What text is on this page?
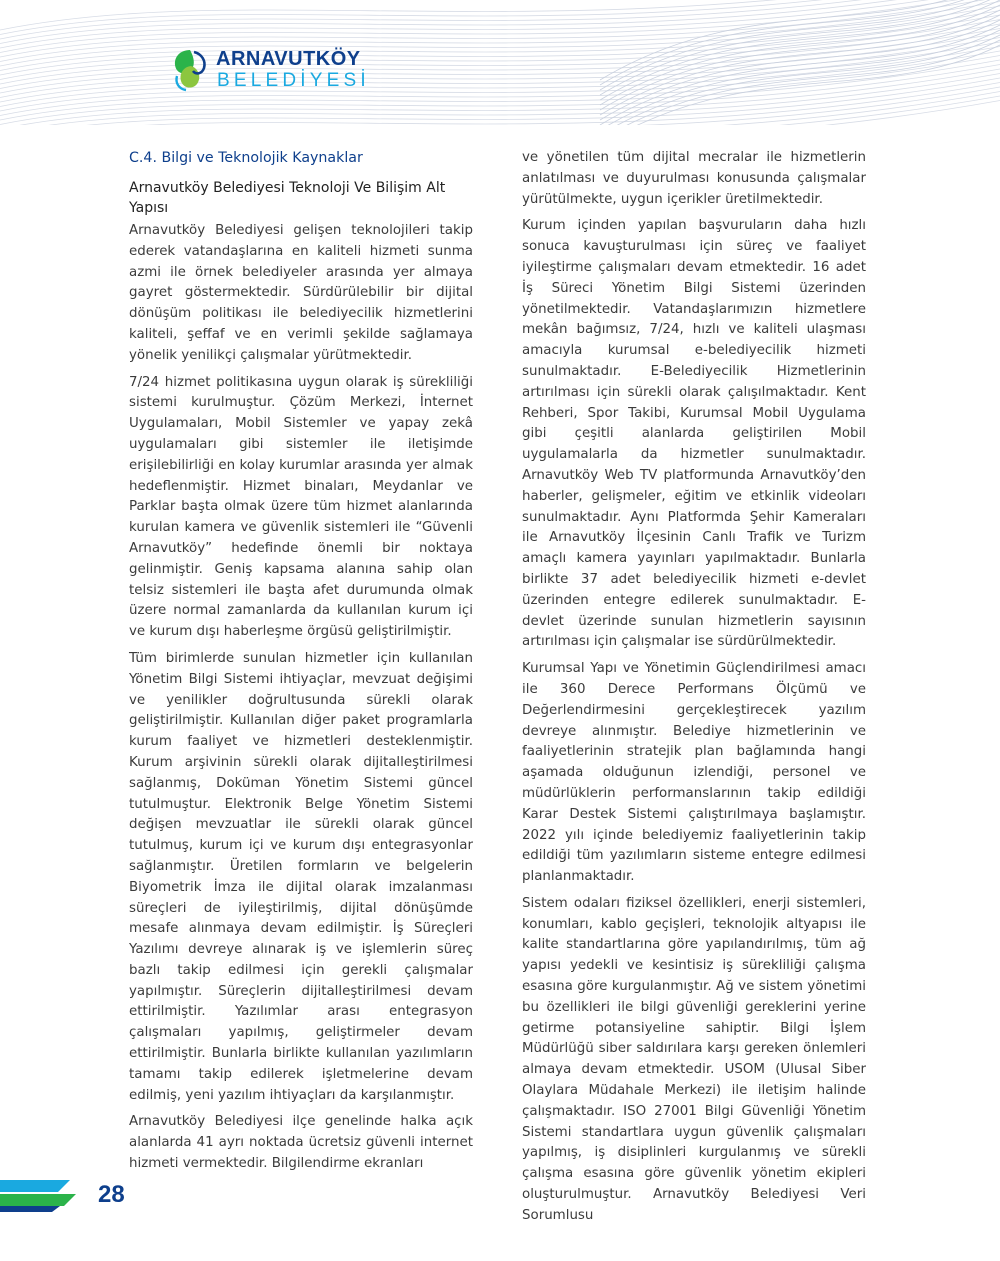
ARNAVUTKÖY
BELEDİYESİ
C.4. Bilgi ve Teknolojik Kaynaklar
Arnavutköy Belediyesi Teknoloji Ve Bilişim Alt Yapısı

Arnavutköy Belediyesi gelişen teknolojileri takip ederek vatandaşlarına en kaliteli hizmeti sunma azmi ile örnek belediyeler arasında yer almaya gayret göstermektedir. Sürdürülebilir bir dijital dönüşüm politikası ile belediyecilik hizmetlerini kaliteli, şeffaf ve en verimli şekilde sağlamaya yönelik yenilikçi çalışmalar yürütmektedir.

7/24 hizmet politikasına uygun olarak iş sürekliliği sistemi kurulmuştur. Çözüm Merkezi, İnternet Uygulamaları, Mobil Sistemler ve yapay zekâ uygulamaları gibi sistemler ile iletişimde erişilebilirliği en kolay kurumlar arasında yer almak hedeflenmiştir. Hizmet binaları, Meydanlar ve Parklar başta olmak üzere tüm hizmet alanlarında kurulan kamera ve güvenlik sistemleri ile “Güvenli Arnavutköy” hedefinde önemli bir noktaya gelinmiştir. Geniş kapsama alanına sahip olan telsiz sistemleri ile başta afet durumunda olmak üzere normal zamanlarda da kullanılan kurum içi ve kurum dışı haberleşme örgüsü geliştirilmiştir.

Tüm birimlerde sunulan hizmetler için kullanılan Yönetim Bilgi Sistemi ihtiyaçlar, mevzuat değişimi ve yenilikler doğrultusunda sürekli olarak geliştirilmiştir. Kullanılan diğer paket programlarla kurum faaliyet ve hizmetleri desteklenmiştir. Kurum arşivinin sürekli olarak dijitalleştirilmesi sağlanmış, Doküman Yönetim Sistemi güncel tutulmuştur. Elektronik Belge Yönetim Sistemi değişen mevzuatlar ile sürekli olarak güncel tutulmuş, kurum içi ve kurum dışı entegrasyonlar sağlanmıştır. Üretilen formların ve belgelerin Biyometrik İmza ile dijital olarak imzalanması süreçleri de iyileştirilmiş, dijital dönüşümde mesafe alınmaya devam edilmiştir. İş Süreçleri Yazılımı devreye alınarak iş ve işlemlerin süreç bazlı takip edilmesi için gerekli çalışmalar yapılmıştır. Süreçlerin dijitalleştirilmesi devam ettirilmiştir. Yazılımlar arası entegrasyon çalışmaları yapılmış, geliştirmeler devam ettirilmiştir. Bunlarla birlikte kullanılan yazılımların tamamı takip edilerek işletmelerine devam edilmiş, yeni yazılım ihtiyaçları da karşılanmıştır.

Arnavutköy Belediyesi ilçe genelinde halka açık alanlarda 41 ayrı noktada ücretsiz güvenli internet hizmeti vermektedir. Bilgilendirme ekranları

ve yönetilen tüm dijital mecralar ile hizmetlerin anlatılması ve duyurulması konusunda çalışmalar yürütülmekte, uygun içerikler üretilmektedir.

Kurum içinden yapılan başvuruların daha hızlı sonuca kavuşturulması için süreç ve faaliyet iyileştirme çalışmaları devam etmektedir. 16 adet İş Süreci Yönetim Bilgi Sistemi üzerinden yönetilmektedir. Vatandaşlarımızın hizmetlere mekân bağımsız, 7/24, hızlı ve kaliteli ulaşması amacıyla kurumsal e-belediyecilik hizmeti sunulmaktadır. E-Belediyecilik Hizmetlerinin artırılması için sürekli olarak çalışılmaktadır. Kent Rehberi, Spor Takibi, Kurumsal Mobil Uygulama gibi çeşitli alanlarda geliştirilen Mobil uygulamalarla da hizmetler sunulmaktadır. Arnavutköy Web TV platformunda Arnavutköy’den haberler, gelişmeler, eğitim ve etkinlik videoları sunulmaktadır. Aynı Platformda Şehir Kameraları ile Arnavutköy İlçesinin Canlı Trafik ve Turizm amaçlı kamera yayınları yapılmaktadır. Bunlarla birlikte 37 adet belediyecilik hizmeti e-devlet üzerinden entegre edilerek sunulmaktadır. E-devlet üzerinde sunulan hizmetlerin sayısının artırılması için çalışmalar ise sürdürülmektedir.

Kurumsal Yapı ve Yönetimin Güçlendirilmesi amacı ile 360 Derece Performans Ölçümü ve Değerlendirmesini gerçekleştirecek yazılım devreye alınmıştır. Belediye hizmetlerinin ve faaliyetlerinin stratejik plan bağlamında hangi aşamada olduğunun izlendiği, personel ve müdürlüklerin performanslarının takip edildiği Karar Destek Sistemi çalıştırılmaya başlamıştır. 2022 yılı içinde belediyemiz faaliyetlerinin takip edildiği tüm yazılımların sisteme entegre edilmesi planlanmaktadır.

Sistem odaları fiziksel özellikleri, enerji sistemleri, konumları, kablo geçişleri, teknolojik altyapısı ile kalite standartlarına göre yapılandırılmış, tüm ağ yapısı yedekli ve kesintisiz iş sürekliliği çalışma esasına göre kurgulanmıştır. Ağ ve sistem yönetimi bu özellikleri ile bilgi güvenliği gereklerini yerine getirme potansiyeline sahiptir. Bilgi İşlem Müdürlüğü siber saldırılara karşı gereken önlemleri almaya devam etmektedir. USOM (Ulusal Siber Olaylara Müdahale Merkezi) ile iletişim halinde çalışmaktadır. ISO 27001 Bilgi Güvenliği Yönetim Sistemi standartlara uygun güvenlik çalışmaları yapılmış, iş disiplinleri kurgulanmış ve sürekli çalışma esasına göre güvenlik yönetim ekipleri oluşturulmuştur. Arnavutköy Belediyesi Veri Sorumlusu

28
